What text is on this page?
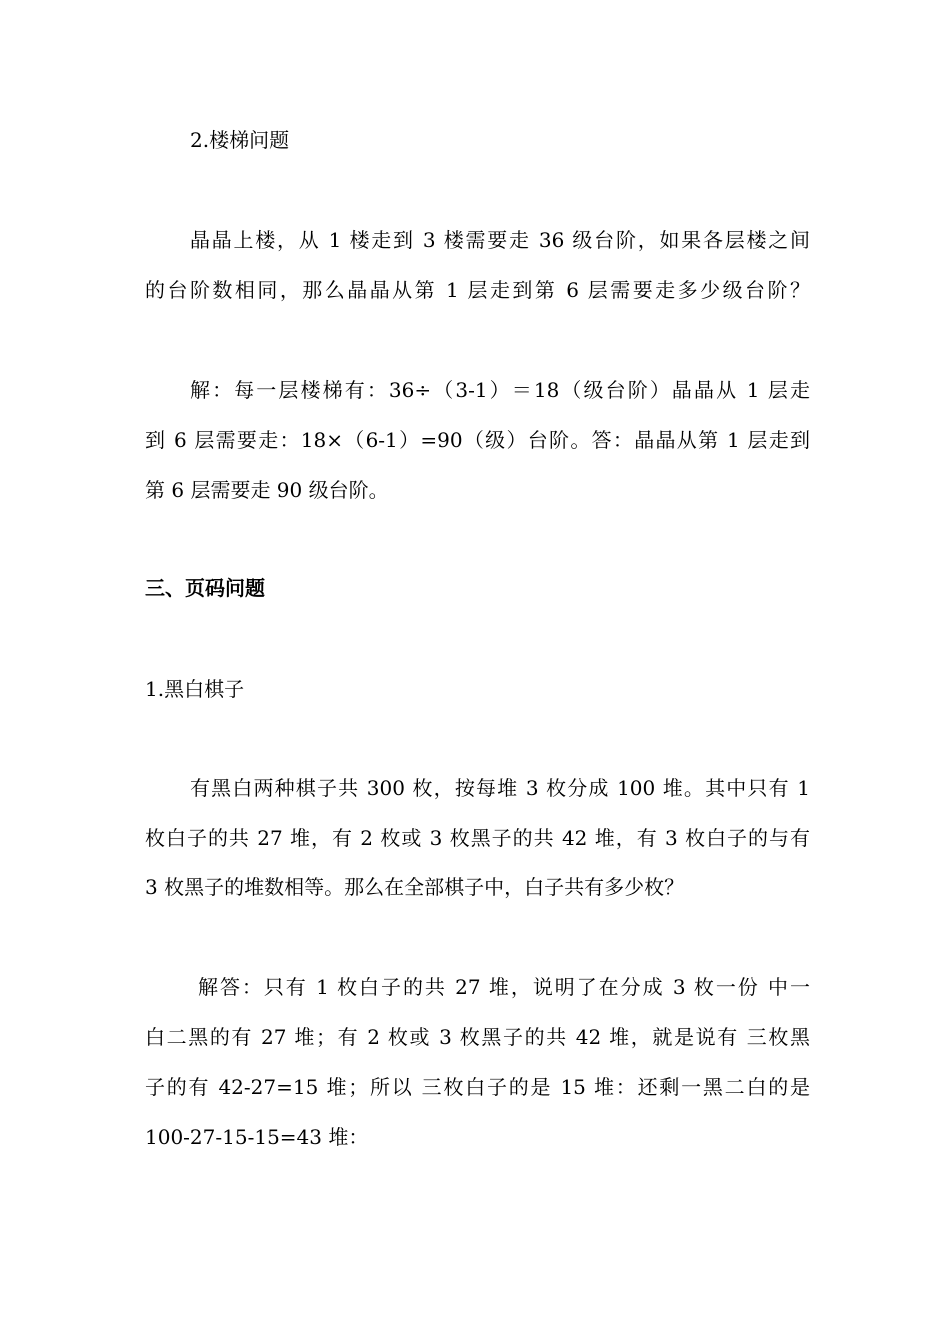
2.楼梯问题
晶晶上楼，从 1 楼走到 3 楼需要走 36 级台阶，如果各层楼之间
的台阶数相同，那么晶晶从第 1 层走到第 6 层需要走多少级台阶？
解：每一层楼梯有：36÷（3-1）＝18（级台阶）晶晶从 1 层走
到 6 层需要走：18×（6-1）=90（级）台阶。答：晶晶从第 1 层走到
第 6 层需要走 90 级台阶。
三、页码问题
1.黑白棋子
有黑白两种棋子共 300 枚，按每堆 3 枚分成 100 堆。其中只有 1
枚白子的共 27 堆，有 2 枚或 3 枚黑子的共 42 堆，有 3 枚白子的与有
3 枚黑子的堆数相等。那么在全部棋子中，白子共有多少枚？
解答：只有 1 枚白子的共 27 堆，说明了在分成 3 枚一份 中一
白二黑的有 27 堆；有 2 枚或 3 枚黑子的共 42 堆，就是说有 三枚黑
子的有 42-27=15 堆；所以 三枚白子的是 15 堆：还剩一黑二白的是
100-27-15-15=43 堆：
